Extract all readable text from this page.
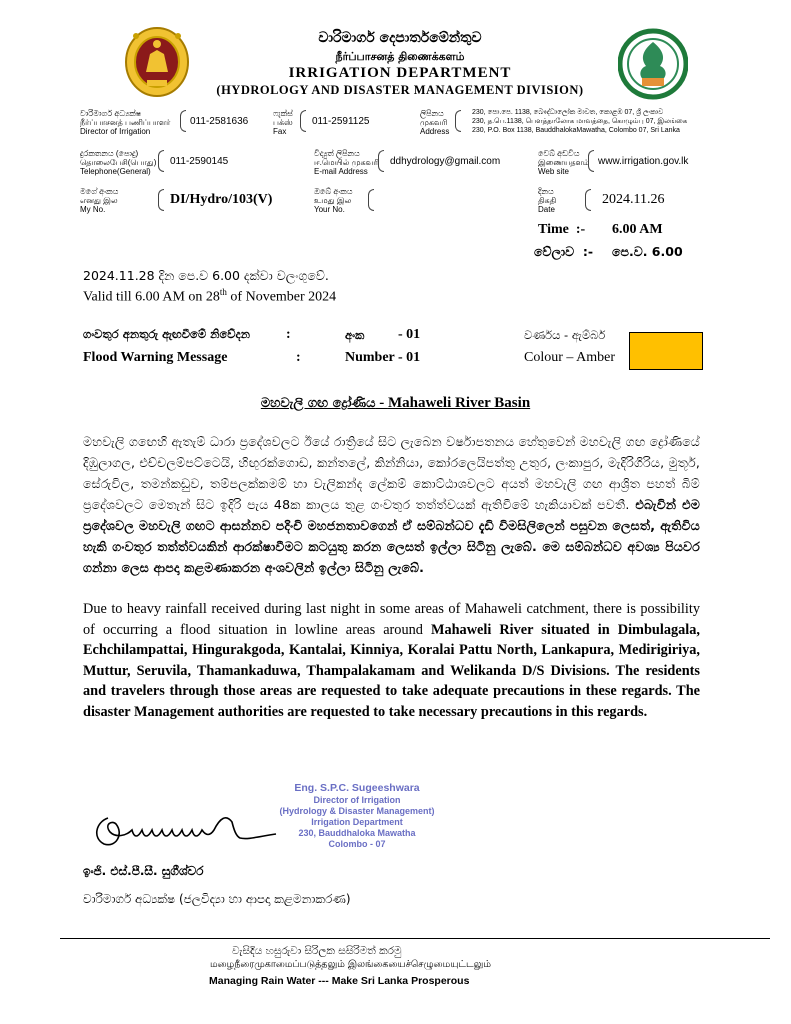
වාරිමාර්ග දෙපාර්තමේන්තුව
நீர்ப்பாசனத் திணைக்களம்
IRRIGATION DEPARTMENT
(HYDROLOGY AND DISASTER MANAGEMENT DIVISION)
වාරිමාර්ග අධ්‍යක්ෂ
நீர்ப்பாசனத் பணிப்பாளர்
Director of Irrigation
011-2581636
ෆැක්ස්
பக்ஸ்
Fax
011-2591125
ලිපිනය
முகவரி
Address
230, පො.පෙ. 1138, බෞද්ධාලෝක මාවත, කොළඹ 07, ශ්‍රී ලංකාව
230, த.பெ.1138, பௌத்தாலோக மாவத்தை, கொழும்பு 07, இலங்கை
230, P.O. Box 1138, BauddhalokaMawatha, Colombo 07, Sri Lanka
දුරකතනය (පොදු)
தொலைபேசி(பொது)
Telephone(General)
011-2590145
විද්‍යුත් ලිපිනය
ஈ.மெயில் முகவரி
E-mail Address
ddhydrology@gmail.com
වෙබ් අඩවිය
இணையதளம்
Web site
www.irrigation.gov.lk
මගේ අංකය
எனது இல
My No.
DI/Hydro/103(V)
ඔබේ අංකය
உமது இல
Your No.
දිනය
திகதி
Date
2024.11.26
Time  :- 6.00 AM
වේලාව  :- පෙ.ව. 6.00
2024.11.28 දින පෙ.ව 6.00 දක්වා වලංගුවේ.
Valid till 6.00 AM on 28th of November 2024
ගංවතුර අනතුරු ඇඟවීමේ නිවේදන	:	අංක - 01	වර්ණය - ඇම්බර්
Flood Warning Message	:	Number - 01	Colour – Amber
මහවැලි ගඟ ද්‍රෝණිය - Mahaweli River Basin
මහවැලි ගඟෙහි ඇතැම් ධාරා ප්‍රදේශවලට ඊයේ රාත්‍රියේ සිට ලැබෙන වර්ෂාපතනය හේතුවෙන් මහවැලි ගඟ ද්‍රෝණියේ දිඹුලාගල, එච්චලම්පට්ටෙයි, හිඟුරක්ගොඩ, කන්තලේ, කින්නියා, කෝරලෙයිපත්තු උතුර, ලංකාපුර, මැදිරිගිරිය, මුතූර්, සේරුවිල, තමන්කඩුව, තම්පලක්කමම් හා වැලිකන්ද ලේකම් කොට්ඨාශවලට අයත් මහවැලි ගඟ ආශ්‍රිත පහත් බිම් ප්‍රදේශවලට මෙතැන් සිට ඉදිරි පැය 48ක කාලය තුළ ගංවතුර තත්ත්වයක් ඇතිවීමේ හැකියාවක් පවතී. එබැවින් එම ප්‍රදේශවල මහවැලි ගඟට ආසන්නව පදිංචි මහජනතාවගෙන් ඒ සම්බන්ධව දැඩි විමසිලිලෙන් පසුවන ලෙසත්, ඇතිවිය හැකි ගංවතුර තත්ත්වයකින් ආරක්ෂාවීමට කටයුතු කරන ලෙසත් ඉල්ලා සිටිනු ලැබේ. මෙ සම්බන්ධව අවශ්‍ය පියවර ගන්නා ලෙස ආපදා කළමණාකරන අංශවලින් ඉල්ලා සිටිනු ලැබේ.
Due to heavy rainfall received during last night in some areas of Mahaweli catchment, there is possibility of occurring a flood situation in lowline areas around Mahaweli River situated in Dimbulagala, Echchilampattai, Hingurakgoda, Kantalai, Kinniya, Koralai Pattu North, Lankapura, Medirigiriya, Muttur, Seruvila, Thamankaduwa, Thampalakamam and Welikanda D/S Divisions. The residents and travelers through those areas are requested to take adequate precautions in these regards. The disaster Management authorities are requested to take necessary precautions in this regards.
Eng. S.P.C. Sugeeshwara
Director of Irrigation
(Hydrology & Disaster Management)
Irrigation Department
230, Bauddhaloka Mawatha
Colombo - 07
ඉංජි. එස්.පී.සී. සුගීශ්වර
වාරිමාර්ග අධ්‍යක්ෂ (ජලවිද්‍යා හා ආපදා කළමනාකරණ)
වැසිදිය හසුරුවා සිරිලක සසිරිමත් කරමු
மழைநீரைமுகாமைப்படுத்தலும் இலங்கையைச்செழுமையுட்டலும்
Managing Rain Water --- Make Sri Lanka Prosperous
